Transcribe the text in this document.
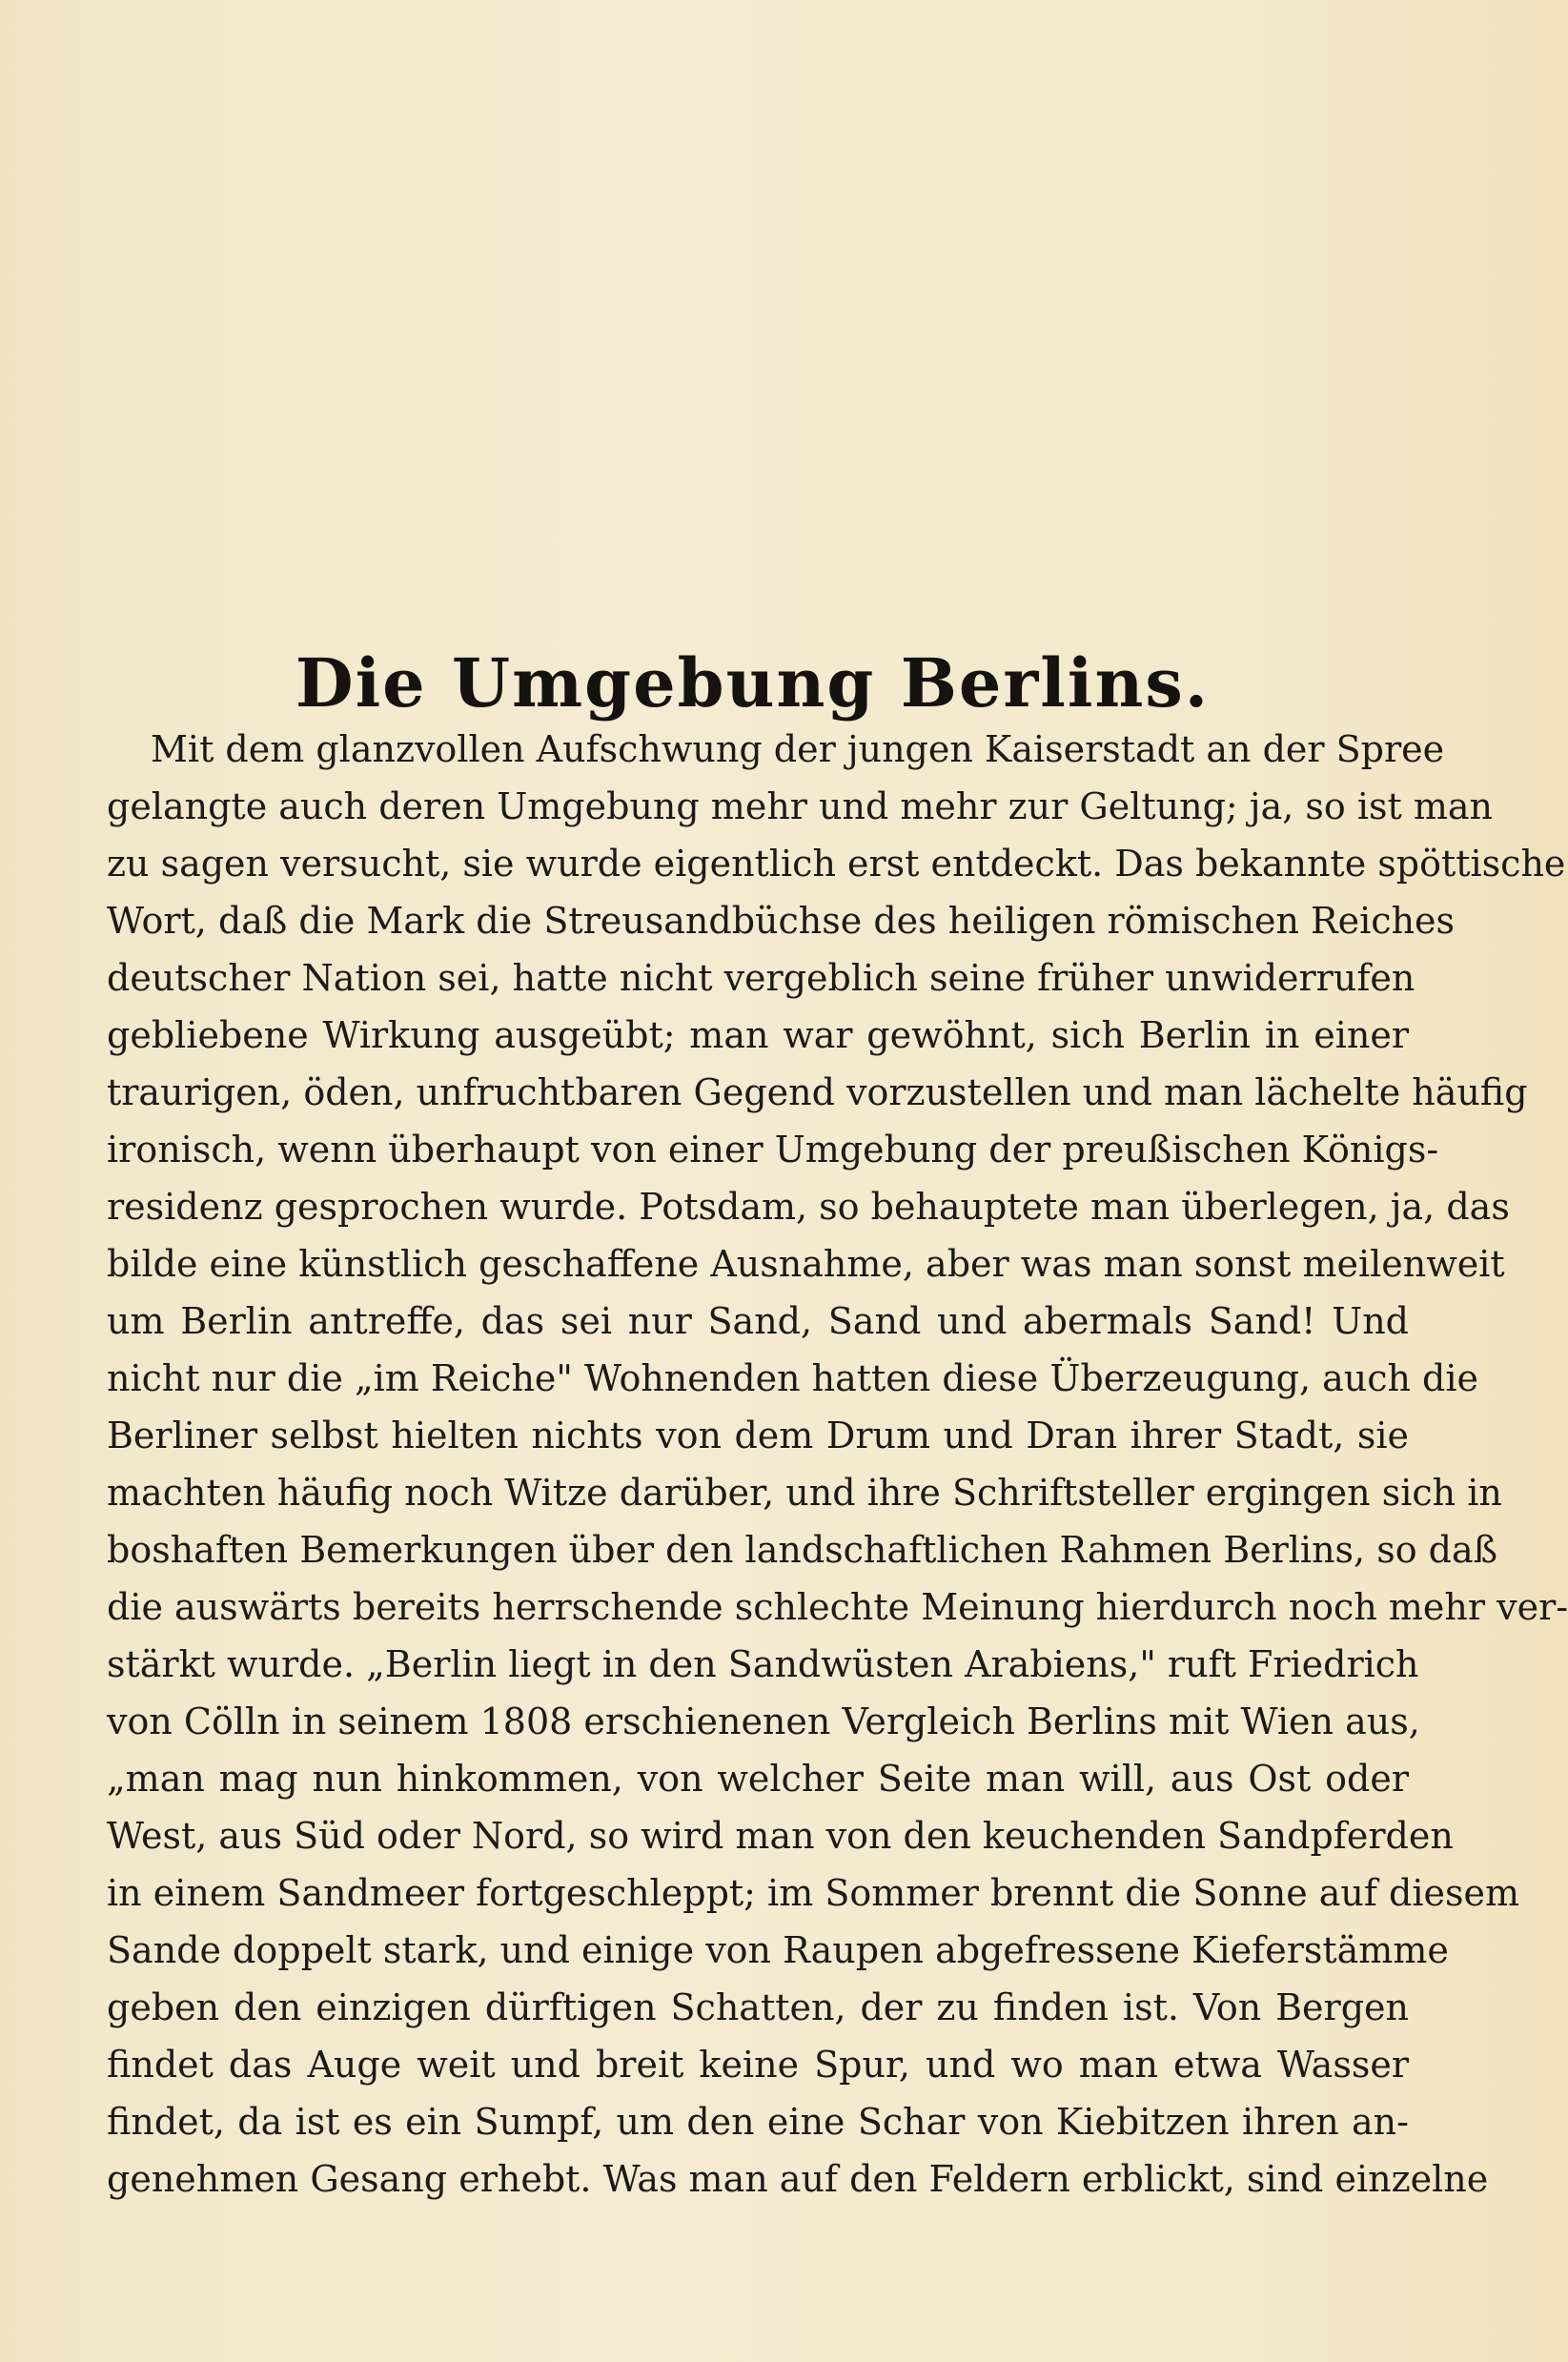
Die Umgebung Berlins.
Mit dem glanzvollen Aufschwung der jungen Kaiserstadt an der Spree
gelangte auch deren Umgebung mehr und mehr zur Geltung; ja, so ist man
zu sagen versucht, sie wurde eigentlich erst entdeckt. Das bekannte spöttische
Wort, daß die Mark die Streusandbüchse des heiligen römischen Reiches
deutscher Nation sei, hatte nicht vergeblich seine früher unwiderrufen
gebliebene Wirkung ausgeübt; man war gewöhnt, sich Berlin in einer
traurigen, öden, unfruchtbaren Gegend vorzustellen und man lächelte häufig
ironisch, wenn überhaupt von einer Umgebung der preußischen Königs-
residenz gesprochen wurde. Potsdam, so behauptete man überlegen, ja, das
bilde eine künstlich geschaffene Ausnahme, aber was man sonst meilenweit
um Berlin antreffe, das sei nur Sand, Sand und abermals Sand! Und
nicht nur die „im Reiche" Wohnenden hatten diese Überzeugung, auch die
Berliner selbst hielten nichts von dem Drum und Dran ihrer Stadt, sie
machten häufig noch Witze darüber, und ihre Schriftsteller ergingen sich in
boshaften Bemerkungen über den landschaftlichen Rahmen Berlins, so daß
die auswärts bereits herrschende schlechte Meinung hierdurch noch mehr ver-
stärkt wurde. „Berlin liegt in den Sandwüsten Arabiens," ruft Friedrich
von Cölln in seinem 1808 erschienenen Vergleich Berlins mit Wien aus,
„man mag nun hinkommen, von welcher Seite man will, aus Ost oder
West, aus Süd oder Nord, so wird man von den keuchenden Sandpferden
in einem Sandmeer fortgeschleppt; im Sommer brennt die Sonne auf diesem
Sande doppelt stark, und einige von Raupen abgefressene Kieferstämme
geben den einzigen dürftigen Schatten, der zu finden ist. Von Bergen
findet das Auge weit und breit keine Spur, und wo man etwa Wasser
findet, da ist es ein Sumpf, um den eine Schar von Kiebitzen ihren an-
genehmen Gesang erhebt. Was man auf den Feldern erblickt, sind einzelne
